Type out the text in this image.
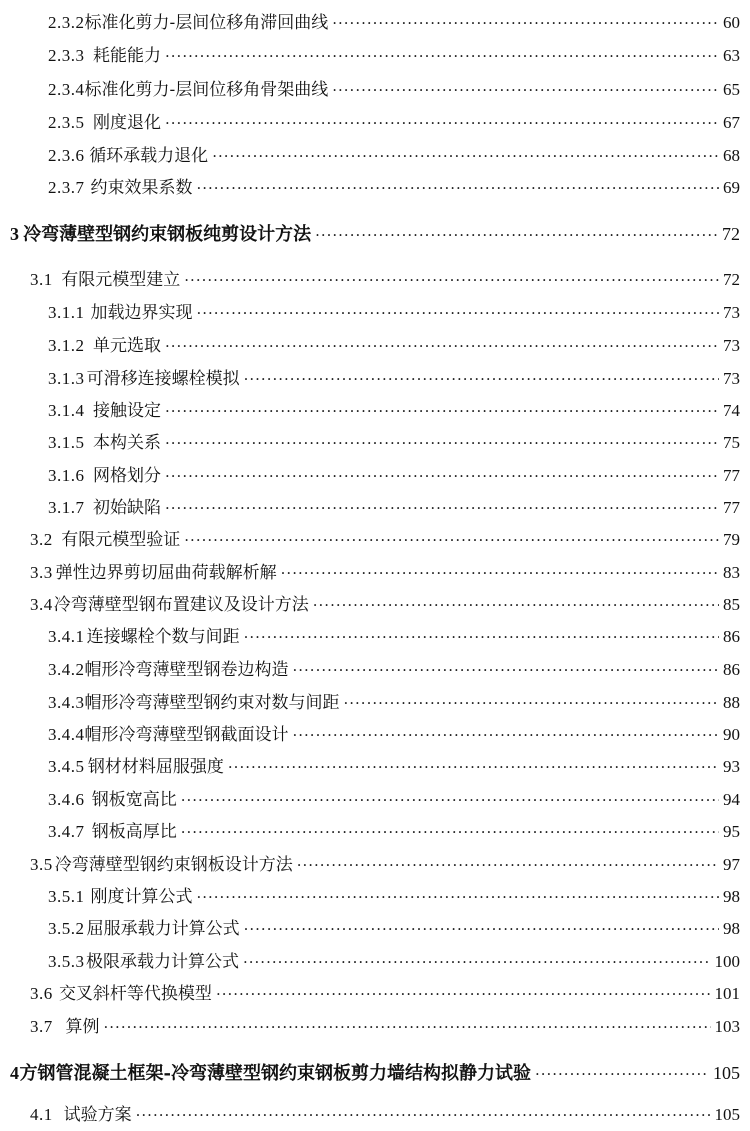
2.3.2 标准化剪力-层间位移角滞回曲线 ·····	60
2.3.3 耗能能力 ·····	63
2.3.4 标准化剪力-层间位移角骨架曲线 ·····	65
2.3.5 刚度退化 ·····	67
2.3.6 循环承载力退化 ·····	68
2.3.7 约束效果系数 ·····	69
3 冷弯薄壁型钢约束钢板纯剪设计方法 ·····	72
3.1 有限元模型建立 ·····	72
3.1.1 加载边界实现 ·····	73
3.1.2 单元选取 ·····	73
3.1.3 可滑移连接螺栓模拟 ·····	73
3.1.4 接触设定 ·····	74
3.1.5 本构关系 ·····	75
3.1.6 网格划分 ·····	77
3.1.7 初始缺陷 ·····	77
3.2 有限元模型验证 ·····	79
3.3 弹性边界剪切屈曲荷载解析解 ·····	83
3.4 冷弯薄壁型钢布置建议及设计方法 ·····	85
3.4.1 连接螺栓个数与间距 ·····	86
3.4.2 帽形冷弯薄壁型钢卷边构造 ·····	86
3.4.3 帽形冷弯薄壁型钢约束对数与间距 ·····	88
3.4.4 帽形冷弯薄壁型钢截面设计 ·····	90
3.4.5 钢材材料屈服强度 ·····	93
3.4.6 钢板宽高比 ·····	94
3.4.7 钢板高厚比 ·····	95
3.5 冷弯薄壁型钢约束钢板设计方法 ·····	97
3.5.1 刚度计算公式 ·····	98
3.5.2 屈服承载力计算公式 ·····	98
3.5.3 极限承载力计算公式 ·····	100
3.6 交叉斜杆等代换模型 ·····	101
3.7 算例 ·····	103
4 方钢管混凝土框架-冷弯薄壁型钢约束钢板剪力墙结构拟静力试验 ·····	105
4.1 试验方案 ·····	105
